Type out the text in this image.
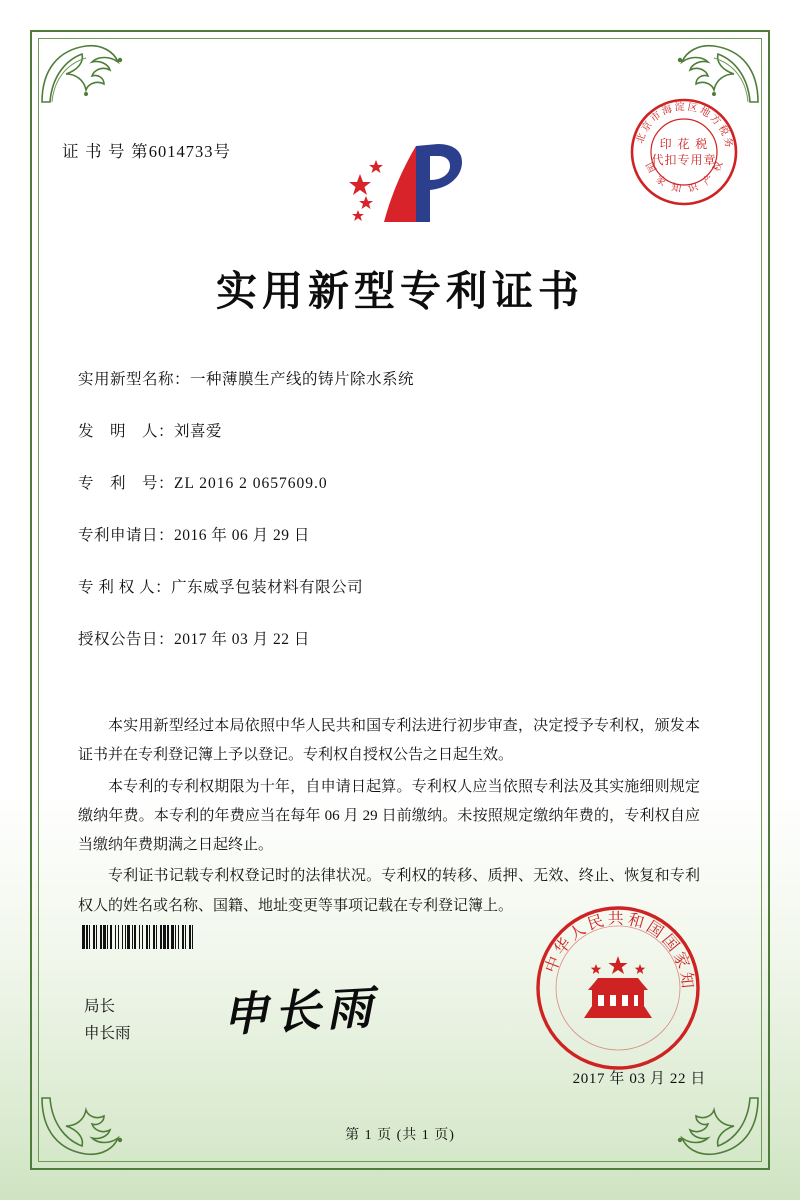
证 书 号 第6014733号
北京市海淀区地方税务
国 家 知 识 产 权
印 花 税
代扣专用章
实用新型专利证书
实用新型名称：一种薄膜生产线的铸片除水系统
发　明　人：刘喜爱
专　利　号：ZL 2016 2 0657609.0
专利申请日：2016 年 06 月 29 日
专 利 权 人：广东威孚包装材料有限公司
授权公告日：2017 年 03 月 22 日

本实用新型经过本局依照中华人民共和国专利法进行初步审查，决定授予专利权，颁发本证书并在专利登记簿上予以登记。专利权自授权公告之日起生效。

本专利的专利权期限为十年，自申请日起算。专利权人应当依照专利法及其实施细则规定缴纳年费。本专利的年费应当在每年 06 月 29 日前缴纳。未按照规定缴纳年费的，专利权自应当缴纳年费期满之日起终止。

专利证书记载专利权登记时的法律状况。专利权的转移、质押、无效、终止、恢复和专利权人的姓名或名称、国籍、地址变更等事项记载在专利登记簿上。

局长
申长雨 申长雨
中华人民共和国国家知
2017 年 03 月 22 日
第 1 页 (共 1 页)
